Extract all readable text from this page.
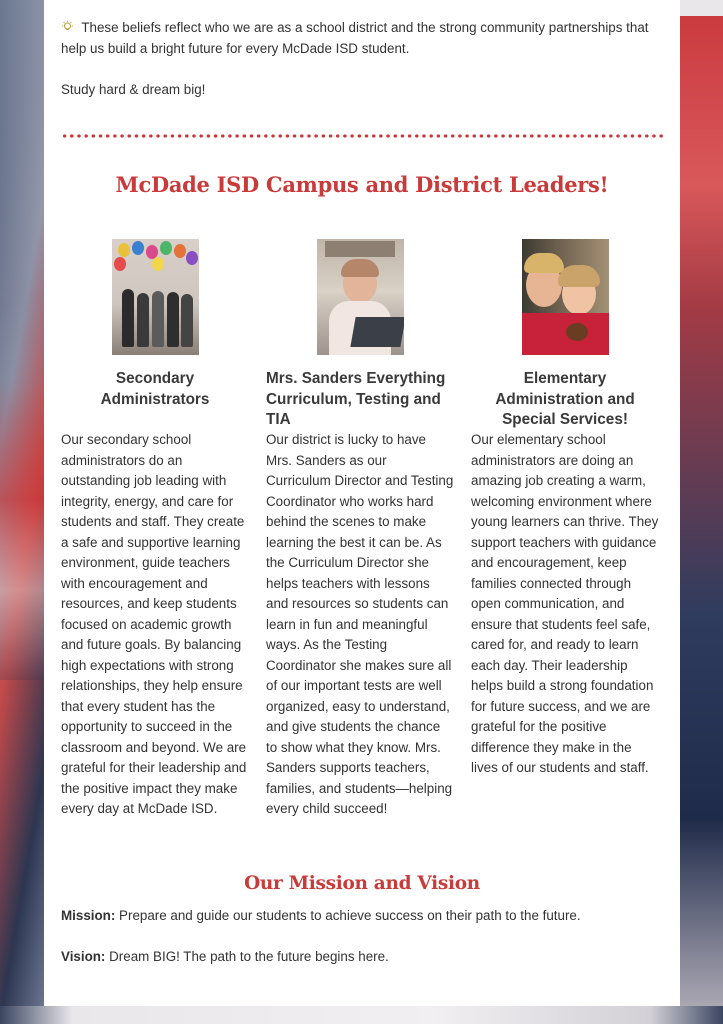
These beliefs reflect who we are as a school district and the strong community partnerships that help us build a bright future for every McDade ISD student.
Study hard & dream big!
McDade ISD Campus and District Leaders!
Secondary Administrators

Our secondary school administrators do an outstanding job leading with integrity, energy, and care for students and staff. They create a safe and supportive learning environment, guide teachers with encouragement and resources, and keep students focused on academic growth and future goals. By balancing high expectations with strong relationships, they help ensure that every student has the opportunity to succeed in the classroom and beyond. We are grateful for their leadership and the positive impact they make every day at McDade ISD.

Mrs. Sanders Everything Curriculum, Testing and TIA

Our district is lucky to have Mrs. Sanders as our Curriculum Director and Testing Coordinator who works hard behind the scenes to make learning the best it can be. As the Curriculum Director she helps teachers with lessons and resources so students can learn in fun and meaningful ways. As the Testing Coordinator she makes sure all of our important tests are well organized, easy to understand, and give students the chance to show what they know. Mrs. Sanders supports teachers, families, and students—helping every child succeed!

Elementary Administration and Special Services!

Our elementary school administrators are doing an amazing job creating a warm, welcoming environment where young learners can thrive. They support teachers with guidance and encouragement, keep families connected through open communication, and ensure that students feel safe, cared for, and ready to learn each day. Their leadership helps build a strong foundation for future success, and we are grateful for the positive difference they make in the lives of our students and staff.

Our Mission and Vision
Mission: Prepare and guide our students to achieve success on their path to the future.
Vision: Dream BIG! The path to the future begins here.
